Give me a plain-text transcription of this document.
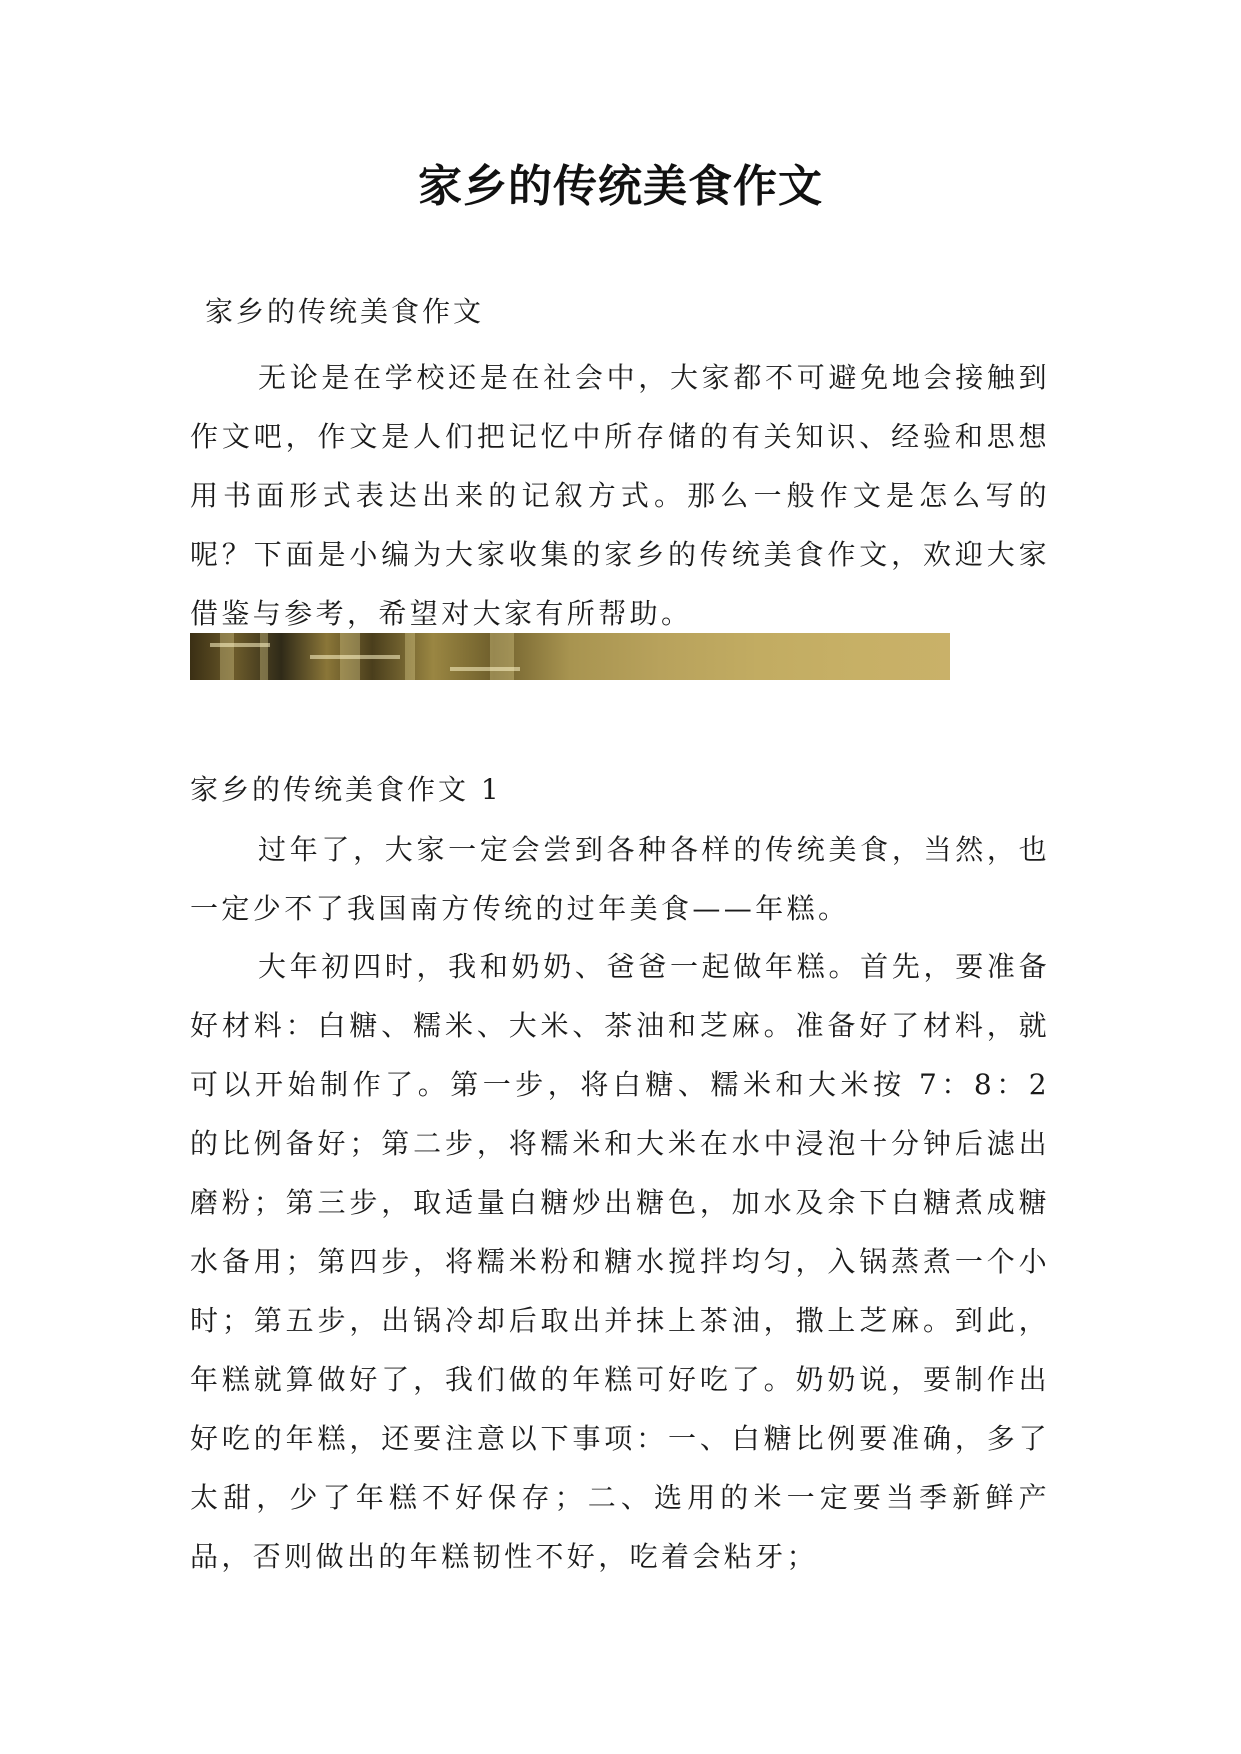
家乡的传统美食作文

家乡的传统美食作文

无论是在学校还是在社会中，大家都不可避免地会接触到作文吧，作文是人们把记忆中所存储的有关知识、经验和思想用书面形式表达出来的记叙方式。那么一般作文是怎么写的呢？下面是小编为大家收集的家乡的传统美食作文，欢迎大家借鉴与参考，希望对大家有所帮助。

家乡的传统美食作文 1

过年了，大家一定会尝到各种各样的传统美食，当然，也一定少不了我国南方传统的过年美食——年糕。

大年初四时，我和奶奶、爸爸一起做年糕。首先，要准备好材料：白糖、糯米、大米、茶油和芝麻。准备好了材料，就可以开始制作了。第一步，将白糖、糯米和大米按 7：8：2 的比例备好；第二步，将糯米和大米在水中浸泡十分钟后滤出磨粉；第三步，取适量白糖炒出糖色，加水及余下白糖煮成糖水备用；第四步，将糯米粉和糖水搅拌均匀，入锅蒸煮一个小时；第五步，出锅冷却后取出并抹上茶油，撒上芝麻。到此，年糕就算做好了，我们做的年糕可好吃了。奶奶说，要制作出好吃的年糕，还要注意以下事项：一、白糖比例要准确，多了太甜，少了年糕不好保存；二、选用的米一定要当季新鲜产品，否则做出的年糕韧性不好，吃着会粘牙；
